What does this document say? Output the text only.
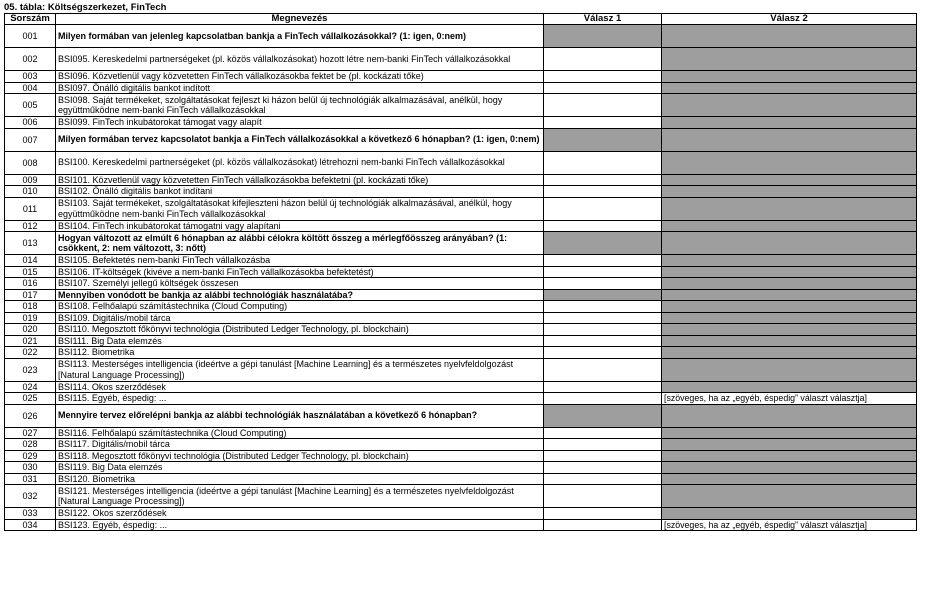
05. tábla: Költségszerkezet, FinTech
Sorszám	Megnevezés	Válasz 1	Válasz 2
001	Milyen formában van jelenleg kapcsolatban bankja a FinTech vállalkozásokkal? (1: igen, 0:nem)		
002	BSI095. Kereskedelmi partnerségeket (pl. közös vállalkozásokat) hozott létre nem-banki FinTech vállalkozásokkal		
003	BSI096. Közvetlenül vagy közvetetten FinTech vállalkozásokba fektet be (pl. kockázati tőke)		
004	BSI097. Önálló digitális bankot indított		
005	BSI098. Saját termékeket, szolgáltatásokat fejleszt ki házon belül új technológiák alkalmazásával, anélkül, hogy együttműködne nem-banki FinTech vállalkozásokkal		
006	BSI099. FinTech inkubátorokat támogat vagy alapít		
007	Milyen formában tervez kapcsolatot bankja a FinTech vállalkozásokkal a következő 6 hónapban? (1: igen, 0:nem)		
008	BSI100. Kereskedelmi partnerségeket (pl. közös vállalkozásokat) létrehozni nem-banki FinTech vállalkozásokkal		
009	BSI101. Közvetlenül vagy közvetetten FinTech vállalkozásokba befektetni (pl. kockázati tőke)		
010	BSI102. Önálló digitális bankot indítani		
011	BSI103. Saját termékeket, szolgáltatásokat kifejleszteni házon belül új technológiák alkalmazásával, anélkül, hogy együttműködne nem-banki FinTech vállalkozásokkal		
012	BSI104. FinTech inkubátorokat támogatni vagy alapítani		
013	Hogyan változott az elmúlt 6 hónapban az alábbi célokra költött összeg a mérlegfőösszeg arányában? (1: csökkent, 2: nem változott, 3: nőtt)		
014	BSI105. Befektetés nem-banki FinTech vállalkozásba		
015	BSI106. IT-költségek (kivéve a nem-banki FinTech vállalkozásokba befektetést)		
016	BSI107. Személyi jellegű költségek összesen		
017	Mennyiben vonódott be bankja az alábbi technológiák használatába?		
018	BSI108. Felhőalapú számítástechnika (Cloud Computing)		
019	BSI109. Digitális/mobil tárca		
020	BSI110. Megosztott főkönyvi technológia (Distributed Ledger Technology, pl. blockchain)		
021	BSI111. Big Data elemzés		
022	BSI112. Biometrika		
023	BSI113. Mesterséges intelligencia (ideértve a gépi tanulást [Machine Learning] és a természetes nyelvfeldolgozást [Natural Language Processing])		
024	BSI114. Okos szerződések		
025	BSI115. Egyéb, éspedig: ...		[szöveges, ha az „egyéb, éspedig” választ választja]
026	Mennyire tervez előrelépni bankja az alábbi technológiák használatában a következő 6 hónapban?		
027	BSI116. Felhőalapú számítástechnika (Cloud Computing)		
028	BSI117. Digitális/mobil tárca		
029	BSI118. Megosztott főkönyvi technológia (Distributed Ledger Technology, pl. blockchain)		
030	BSI119. Big Data elemzés		
031	BSI120. Biometrika		
032	BSI121. Mesterséges intelligencia (ideértve a gépi tanulást [Machine Learning] és a természetes nyelvfeldolgozást [Natural Language Processing])		
033	BSI122. Okos szerződések		
034	BSI123. Egyéb, éspedig: ...		[szöveges, ha az „egyéb, éspedig” választ választja]
